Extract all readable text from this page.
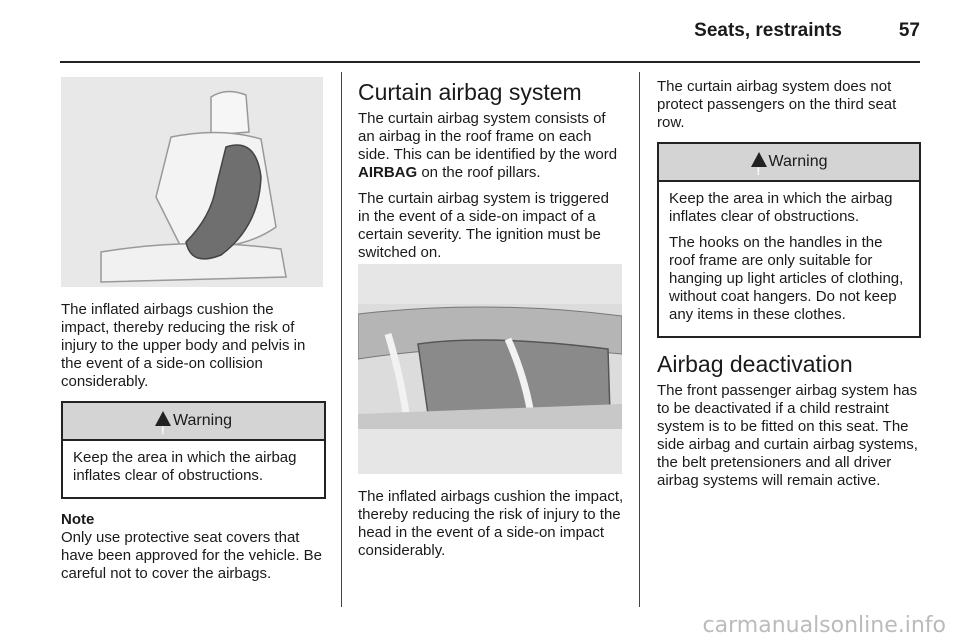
Seats, restraints	57

The inflated airbags cushion the impact, thereby reducing the risk of injury to the upper body and pelvis in the event of a side-on collision considerably.

!Warning

Keep the area in which the airbag inflates clear of obstructions.

Note
Only use protective seat covers that have been approved for the vehicle. Be careful not to cover the airbags.
Curtain airbag system

The curtain airbag system consists of an airbag in the roof frame on each side. This can be identified by the word AIRBAG on the roof pillars.

The curtain airbag system is triggered in the event of a side-on impact of a certain severity. The ignition must be switched on.

The inflated airbags cushion the impact, thereby reducing the risk of injury to the head in the event of a side-on impact considerably.

The curtain airbag system does not protect passengers on the third seat row.

!Warning

Keep the area in which the airbag inflates clear of obstructions.

The hooks on the handles in the roof frame are only suitable for hanging up light articles of clothing, without coat hangers. Do not keep any items in these clothes.

Airbag deactivation

The front passenger airbag system has to be deactivated if a child restraint system is to be fitted on this seat. The side airbag and curtain airbag systems, the belt pretensioners and all driver airbag systems will remain active.

carmanualsonline.info
